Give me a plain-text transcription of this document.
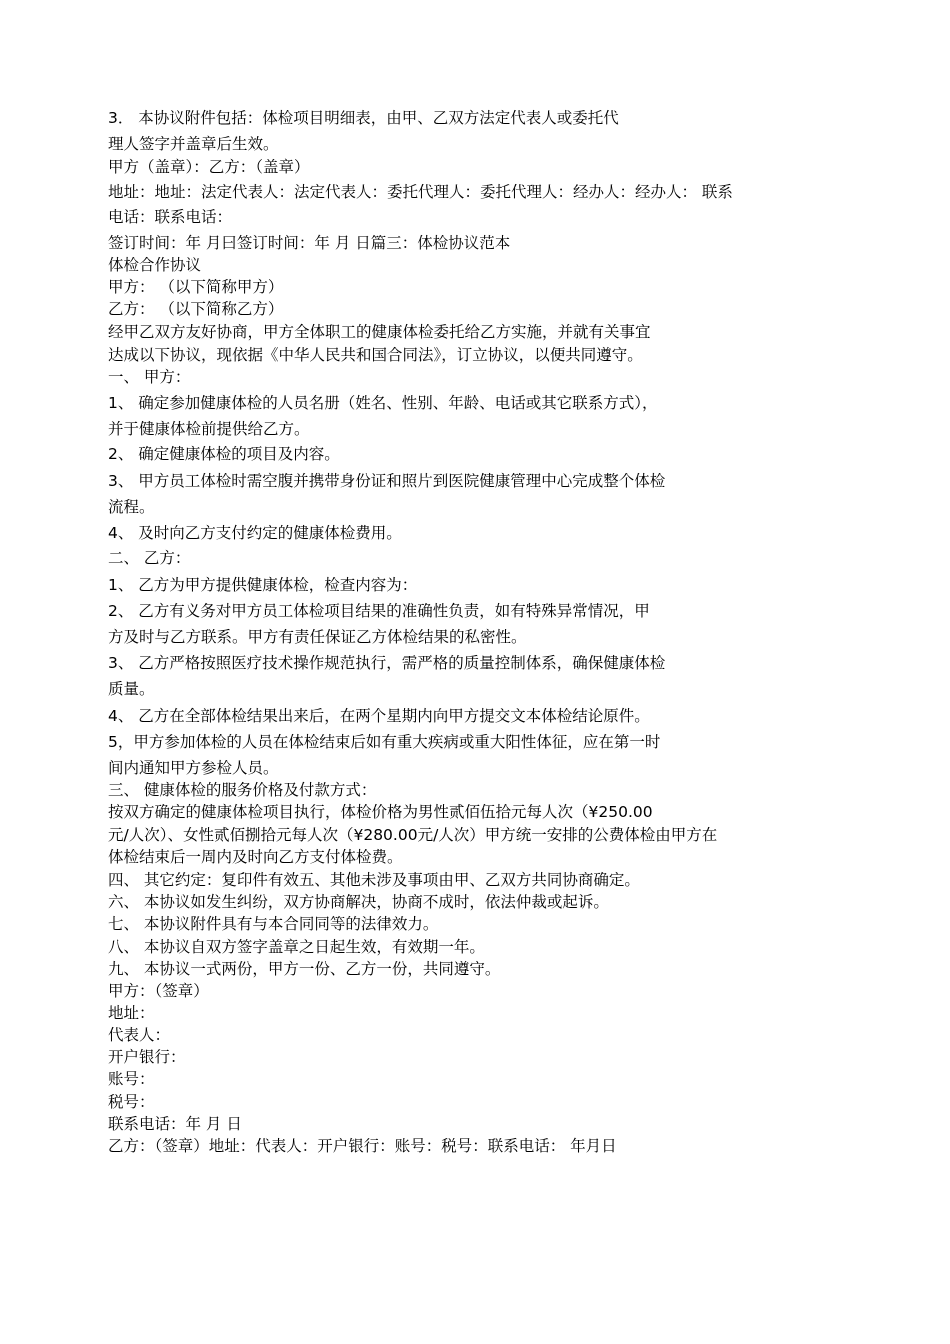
3． 本协议附件包括：体检项目明细表，由甲、乙双方法定代表人或委托代

理人签字并盖章后生效。

甲方（盖章）：乙方：（盖章）

地址：地址：法定代表人：法定代表人：委托代理人：委托代理人：经办人：经办人： 联系

电话：联系电话：

签订时间：年 月曰签订时间：年 月 日篇三：体检协议范本

体检合作协议

甲方： （以下简称甲方）

乙方： （以下简称乙方）

经甲乙双方友好协商，甲方全体职工的健康体检委托给乙方实施，并就有关事宜

达成以下协议，现依据《中华人民共和国合同法》，订立协议，以便共同遵守。

一、 甲方：

1、 确定参加健康体检的人员名册（姓名、性别、年龄、电话或其它联系方式），

并于健康体检前提供给乙方。

2、 确定健康体检的项目及内容。

3、 甲方员工体检时需空腹并携带身份证和照片到医院健康管理中心完成整个体检

流程。

4、 及时向乙方支付约定的健康体检费用。

二、 乙方：

1、 乙方为甲方提供健康体检，检查内容为：

2、 乙方有义务对甲方员工体检项目结果的准确性负责，如有特殊异常情况，甲

方及时与乙方联系。甲方有责任保证乙方体检结果的私密性。

3、 乙方严格按照医疗技术操作规范执行，需严格的质量控制体系，确保健康体检

质量。

4、 乙方在全部体检结果出来后，在两个星期内向甲方提交文本体检结论原件。

5，甲方参加体检的人员在体检结束后如有重大疾病或重大阳性体征，应在第一时

间内通知甲方参检人员。

三、 健康体检的服务价格及付款方式：

按双方确定的健康体检项目执行，体检价格为男性贰佰伍拾元每人次（¥250.00

元/人次）、女性贰佰捌拾元每人次（¥280.00元/人次）甲方统一安排的公费体检由甲方在

体检结束后一周内及时向乙方支付体检费。

四、 其它约定：复印件有效五、其他未涉及事项由甲、乙双方共同协商确定。

六、 本协议如发生纠纷，双方协商解决，协商不成时，依法仲裁或起诉。

七、 本协议附件具有与本合同同等的法律效力。

八、 本协议自双方签字盖章之日起生效，有效期一年。

九、 本协议一式两份，甲方一份、乙方一份，共同遵守。

甲方：（签章）

地址：

代表人：

开户银行：

账号：

税号：

联系电话：年 月 日

乙方：（签章）地址：代表人：开户银行：账号：税号：联系电话： 年月日
